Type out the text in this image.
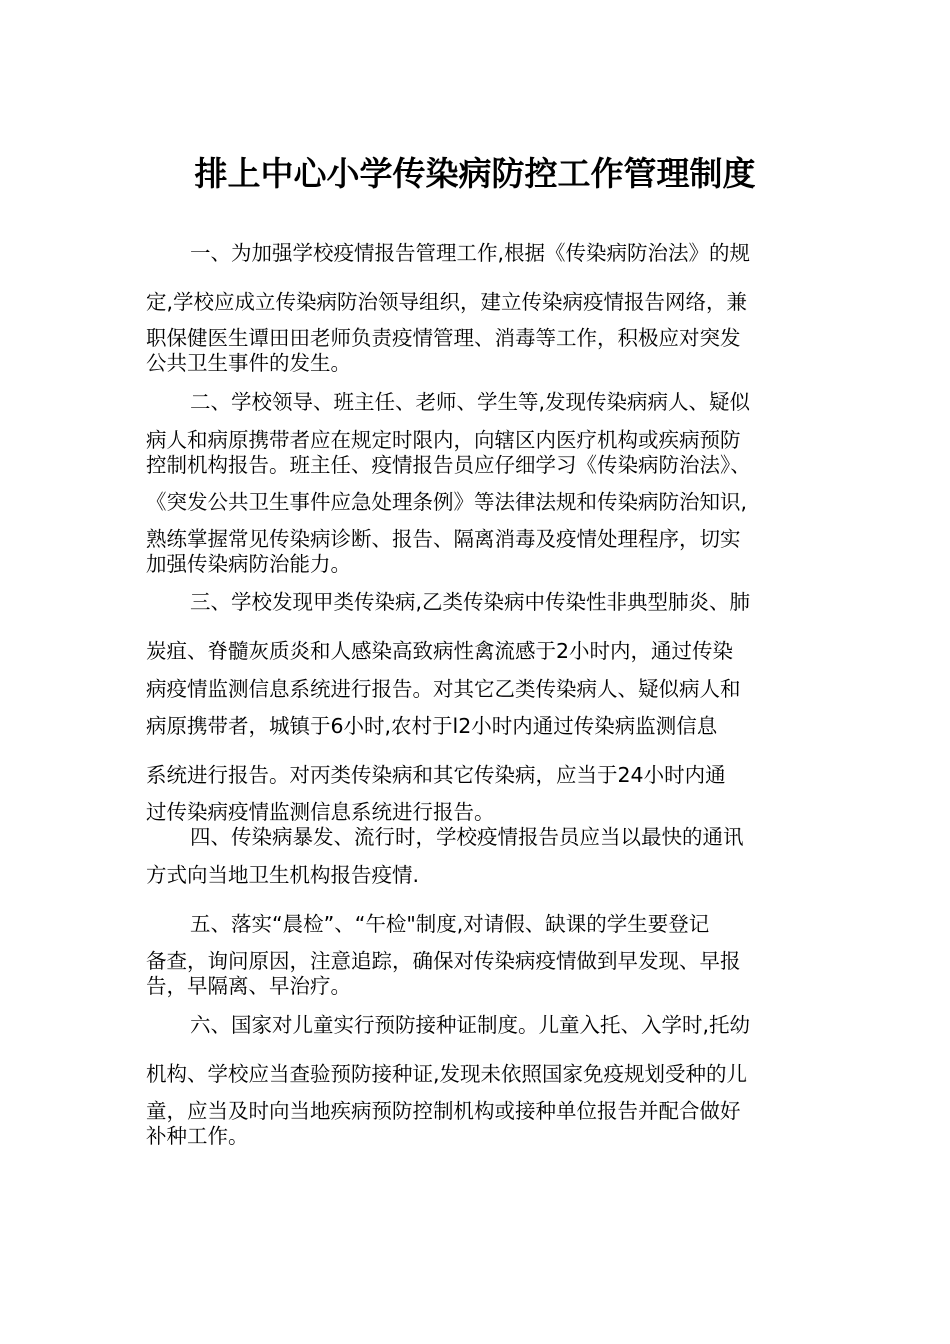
排上中心小学传染病防控工作管理制度
一、为加强学校疫情报告管理工作,根据《传染病防治法》的规
定,学校应成立传染病防治领导组织，建立传染病疫情报告网络，兼
职保健医生谭田田老师负责疫情管理、消毒等工作，积极应对突发
公共卫生事件的发生。
二、学校领导、班主任、老师、学生等,发现传染病病人、疑似
病人和病原携带者应在规定时限内，向辖区内医疗机构或疾病预防
控制机构报告。班主任、疫情报告员应仔细学习《传染病防治法》、
《突发公共卫生事件应急处理条例》等法律法规和传染病防治知识,
熟练掌握常见传染病诊断、报告、隔离消毒及疫情处理程序，切实
加强传染病防治能力。
三、学校发现甲类传染病,乙类传染病中传染性非典型肺炎、肺
炭疽、脊髓灰质炎和人感染高致病性禽流感于2小时内，通过传染
病疫情监测信息系统进行报告。对其它乙类传染病人、疑似病人和
病原携带者，城镇于6小时,农村于l2小时内通过传染病监测信息
系统进行报告。对丙类传染病和其它传染病，应当于24小时内通
过传染病疫情监测信息系统进行报告。
四、传染病暴发、流行时，学校疫情报告员应当以最快的通讯
方式向当地卫生机构报告疫情.
五、落实“晨检”、“午检"制度,对请假、缺课的学生要登记
备查，询问原因，注意追踪，确保对传染病疫情做到早发现、早报
告，早隔离、早治疗。
六、国家对儿童实行预防接种证制度。儿童入托、入学时,托幼
机构、学校应当查验预防接种证,发现未依照国家免疫规划受种的儿
童，应当及时向当地疾病预防控制机构或接种单位报告并配合做好
补种工作。
